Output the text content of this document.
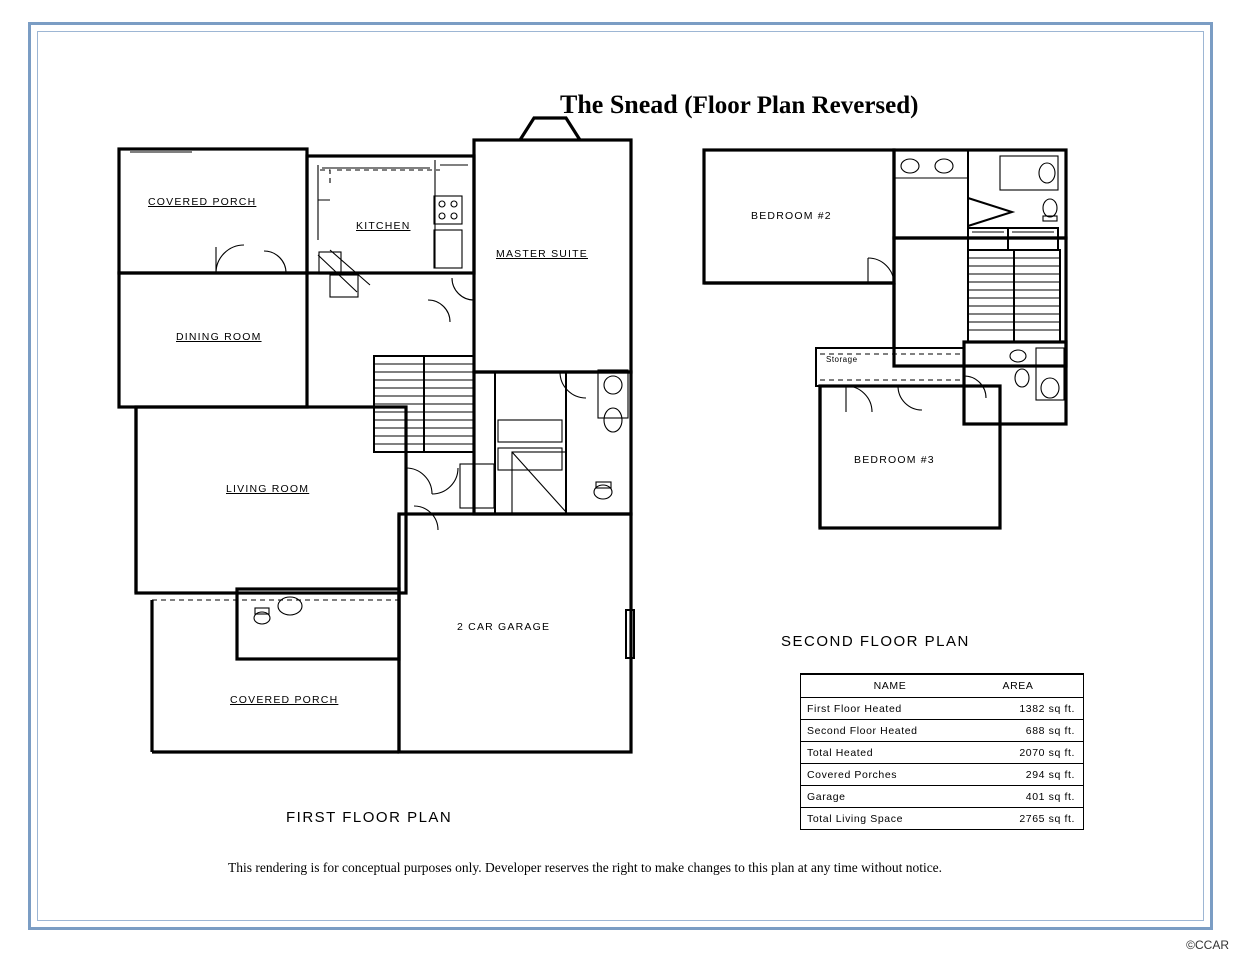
The Snead (Floor Plan Reversed)
COVERED PORCH
KITCHEN
MASTER SUITE
DINING ROOM
LIVING ROOM
2 CAR GARAGE
COVERED PORCH
BEDROOM #2
BEDROOM #3
Storage
FIRST FLOOR PLAN
SECOND FLOOR PLAN
NAME	AREA
First Floor Heated	1382 sq ft.
Second Floor Heated	688 sq ft.
Total Heated	2070 sq ft.
Covered Porches	294 sq ft.
Garage	401 sq ft.
Total Living Space	2765 sq ft.
This rendering is for conceptual purposes only. Developer reserves the right to make changes to this plan at any time without notice.
©CCAR
